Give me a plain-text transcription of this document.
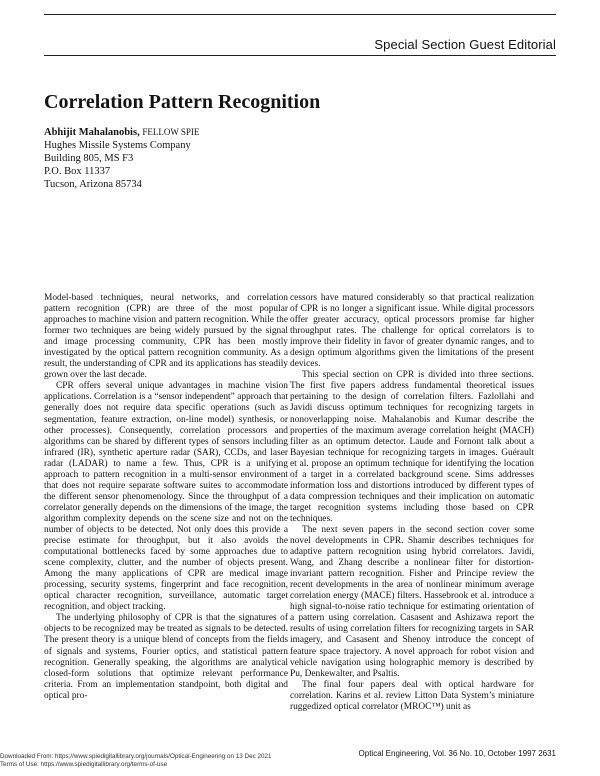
Special Section Guest Editorial
Correlation Pattern Recognition
Abhijit Mahalanobis, FELLOW SPIE
Hughes Missile Systems Company
Building 805, MS F3
P.O. Box 11337
Tucson, Arizona 85734

Model-based techniques, neural networks, and correlation pattern recognition (CPR) are three of the most popular approaches to machine vision and pattern recognition. While the former two techniques are being widely pursued by the signal and image processing community, CPR has been mostly investigated by the optical pattern recognition community. As a result, the understanding of CPR and its applications has steadily grown over the last decade.

CPR offers several unique advantages in machine vision applications. Correlation is a “sensor independent” approach that generally does not require data specific operations (such as segmentation, feature extraction, on-line model) synthesis, or other processes). Consequently, correlation processors and algorithms can be shared by different types of sensors including infrared (IR), synthetic aperture radar (SAR), CCDs, and laser radar (LADAR) to name a few. Thus, CPR is a unifying approach to pattern recognition in a multi-sensor environment that does not require separate software suites to accommodate the different sensor phenomenology. Since the throughput of a correlator generally depends on the dimensions of the image, the algorithm complexity depends on the scene size and not on the number of objects to be detected. Not only does this provide a precise estimate for throughput, but it also avoids the computational bottlenecks faced by some approaches due to scene complexity, clutter, and the number of objects present. Among the many applications of CPR are medical image processing, security systems, fingerprint and face recognition, optical character recognition, surveillance, automatic target recognition, and object tracking.

The underlying philosophy of CPR is that the signatures of objects to be recognized may be treated as signals to be detected. The present theory is a unique blend of concepts from the fields of signals and systems, Fourier optics, and statistical pattern recognition. Generally speaking, the algorithms are analytical closed-form solutions that optimize relevant performance criteria. From an implementation standpoint, both digital and optical pro-

cessors have matured considerably so that practical realization of CPR is no longer a significant issue. While digital processors offer greater accuracy, optical processors promise far higher throughput rates. The challenge for optical correlators is to improve their fidelity in favor of greater dynamic ranges, and to design optimum algorithms given the limitations of the present devices.

This special section on CPR is divided into three sections. The first five papers address fundamental theoretical issues pertaining to the design of correlation filters. Fazlollahi and Javidi discuss optimum techniques for recognizing targets in nonoverlapping noise. Mahalanobis and Kumar describe the properties of the maximum average correlation height (MACH) filter as an optimum detector. Laude and Fornont talk about a Bayesian technique for recognizing targets in images. Guérault et al. propose an optimum technique for identifying the location of a target in a correlated background scene. Sims addresses information loss and distortions introduced by different types of data compression techniques and their implication on automatic target recognition systems including those based on CPR techniques.

The next seven papers in the second section cover some novel developments in CPR. Shamir describes techniques for adaptive pattern recognition using hybrid correlators. Javidi, Wang, and Zhang describe a nonlinear filter for distortion-invariant pattern recognition. Fisher and Principe review the recent developments in the area of nonlinear minimum average correlation energy (MACE) filters. Hassebrook et al. introduce a high signal-to-noise ratio technique for estimating orientation of a pattern using correlation. Casasent and Ashizawa report the results of using correlation filters for recognizing targets in SAR imagery, and Casasent and Shenoy introduce the concept of feature space trajectory. A novel approach for robot vision and vehicle navigation using holographic memory is described by Pu, Denkewalter, and Psaltis.

The final four papers deal with optical hardware for correlation. Karins et al. review Litton Data System’s miniature ruggedized optical correlator (MROC™) unit as

Optical Engineering, Vol. 36 No. 10, October 1997 2631
Downloaded From: https://www.spiedigitallibrary.org/journals/Optical-Engineering on 13 Dec 2021
Terms of Use: https://www.spiedigitallibrary.org/terms-of-use
